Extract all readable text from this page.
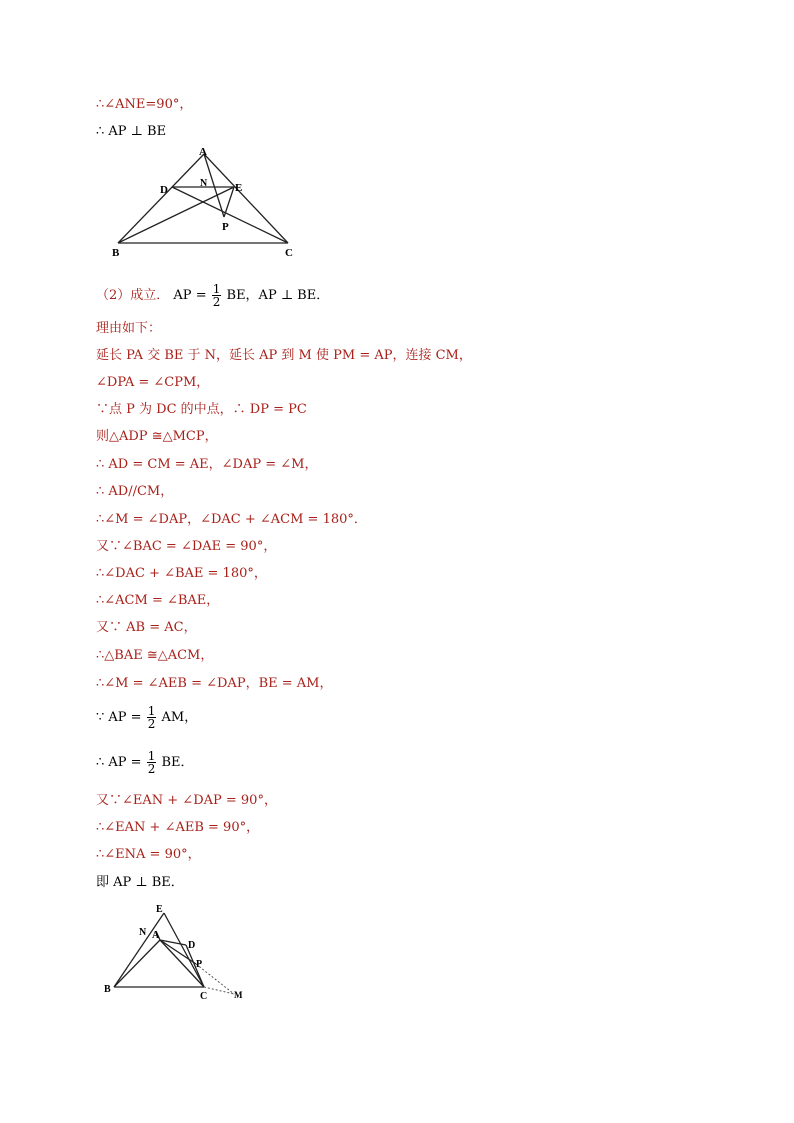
∴∠ANE=90°，
∴ AP ⊥ BE
A
D
N	E
P
B	C
（2）成立． AP = $\frac{1}{2}$ BE，AP ⊥ BE．
理由如下：
延长 PA 交 BE 于 N，延长 AP 到 M 使 PM = AP，连接 CM，
∠DPA = ∠CPM，
∵点 P 为 DC 的中点，∴ DP = PC
则△ADP ≅△MCP，
∴ AD = CM = AE，∠DAP = ∠M，
∴ AD//CM，
∴∠M = ∠DAP，∠DAC + ∠ACM = 180°．
又∵∠BAC = ∠DAE = 90°，
∴∠DAC + ∠BAE = 180°，
∴∠ACM = ∠BAE，
又∵ AB = AC，
∴△BAE ≅△ACM，
∴∠M = ∠AEB = ∠DAP，BE = AM，
∵ AP = $\frac{1}{2}$ AM，
∴ AP = $\frac{1}{2}$ BE．
又∵∠EAN + ∠DAP = 90°，
∴∠EAN + ∠AEB = 90°，
∴∠ENA = 90°，
即 AP ⊥ BE．
E
N A
D
P
B
C	M
